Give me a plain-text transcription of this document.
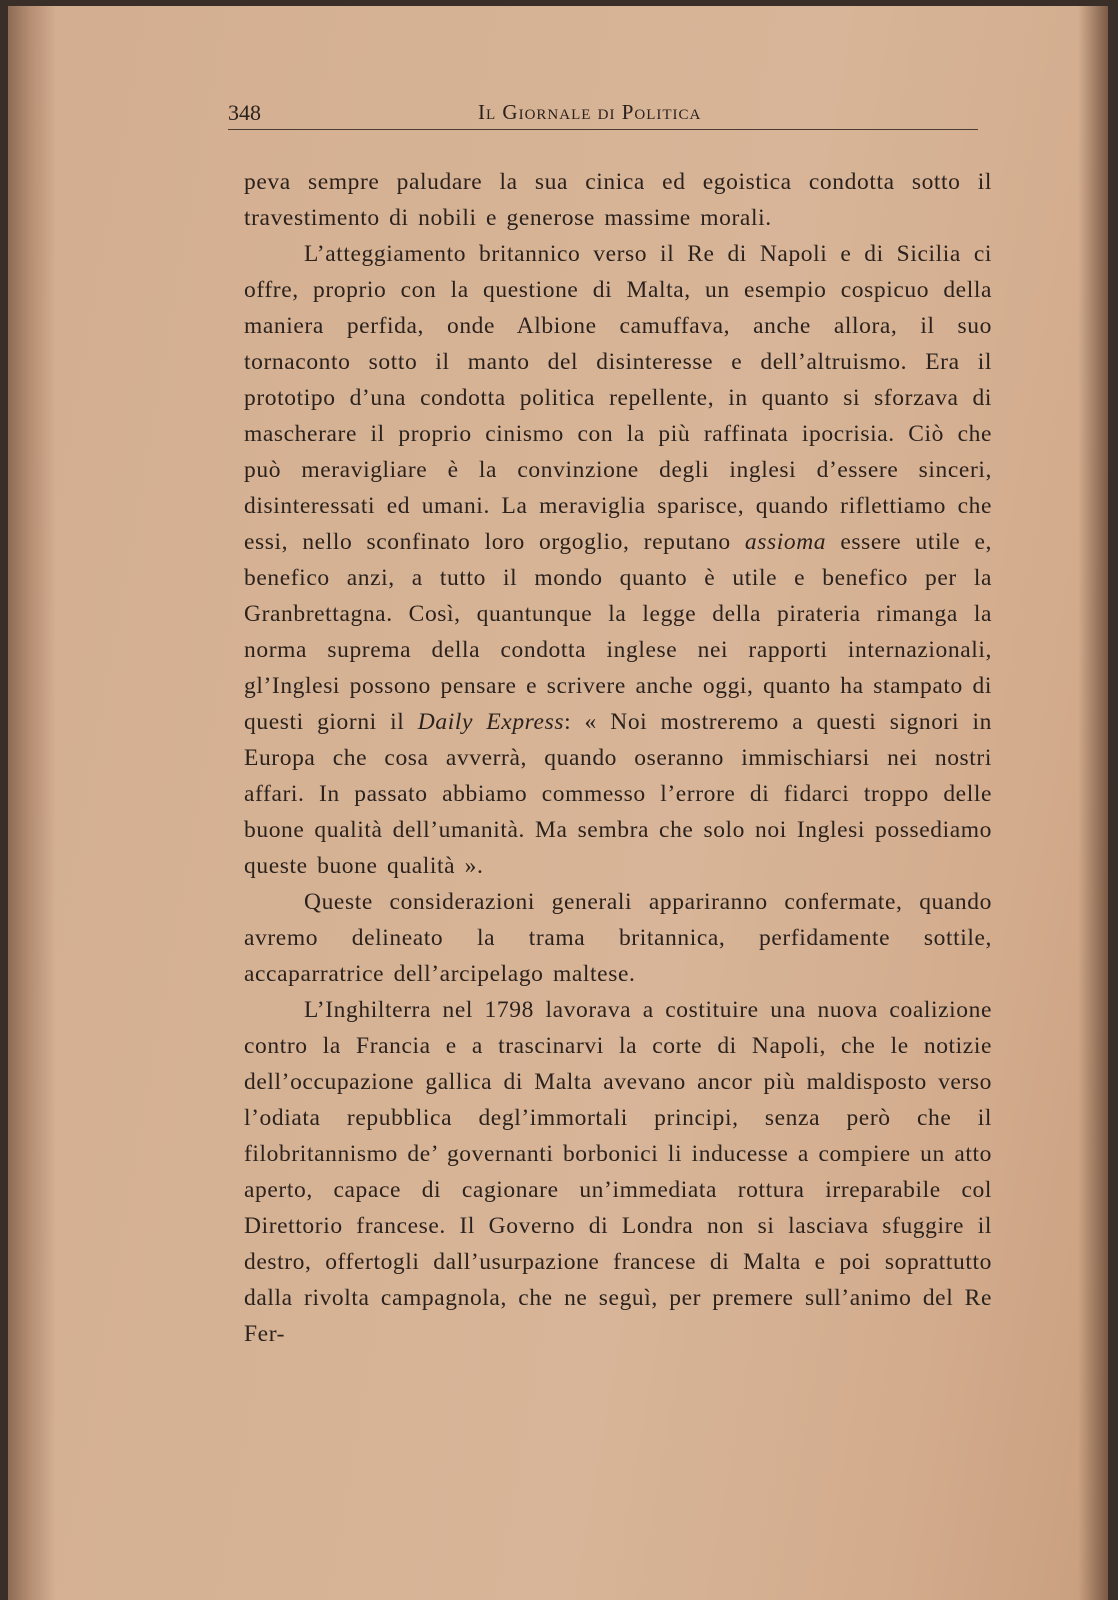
348	Il Giornale di Politica

peva sempre paludare la sua cinica ed egoistica condotta sotto il travestimento di nobili e generose massime morali.

L’atteggiamento britannico verso il Re di Napoli e di Sicilia ci offre, proprio con la questione di Malta, un esempio cospicuo della maniera perfida, onde Albione camuffava, anche allora, il suo tornaconto sotto il manto del disinteresse e dell’altruismo. Era il prototipo d’una condotta politica repellente, in quanto si sforzava di mascherare il proprio cinismo con la più raffinata ipocrisia. Ciò che può meravigliare è la convinzione degli inglesi d’essere sinceri, disinteressati ed umani. La meraviglia sparisce, quando riflettiamo che essi, nello sconfinato loro orgoglio, reputano assioma essere utile e, benefico anzi, a tutto il mondo quanto è utile e benefico per la Granbrettagna. Così, quantunque la legge della pirateria rimanga la norma suprema della condotta inglese nei rapporti internazionali, gl’Inglesi possono pensare e scrivere anche oggi, quanto ha stampato di questi giorni il Daily Express: « Noi mostreremo a questi signori in Europa che cosa avverrà, quando oseranno immischiarsi nei nostri affari. In passato abbiamo commesso l’errore di fidarci troppo delle buone qualità dell’umanità. Ma sembra che solo noi Inglesi possediamo queste buone qualità ».

Queste considerazioni generali appariranno confermate, quando avremo delineato la trama britannica, perfidamente sottile, accaparratrice dell’arcipelago maltese.

L’Inghilterra nel 1798 lavorava a costituire una nuova coalizione contro la Francia e a trascinarvi la corte di Napoli, che le notizie dell’occupazione gallica di Malta avevano ancor più maldisposto verso l’odiata repubblica degl’immortali principi, senza però che il filobritannismo de’ governanti borbonici li inducesse a compiere un atto aperto, capace di cagionare un’immediata rottura irreparabile col Direttorio francese. Il Governo di Londra non si lasciava sfuggire il destro, offertogli dall’usurpazione francese di Malta e poi soprattutto dalla rivolta campagnola, che ne seguì, per premere sull’animo del Re Fer-
